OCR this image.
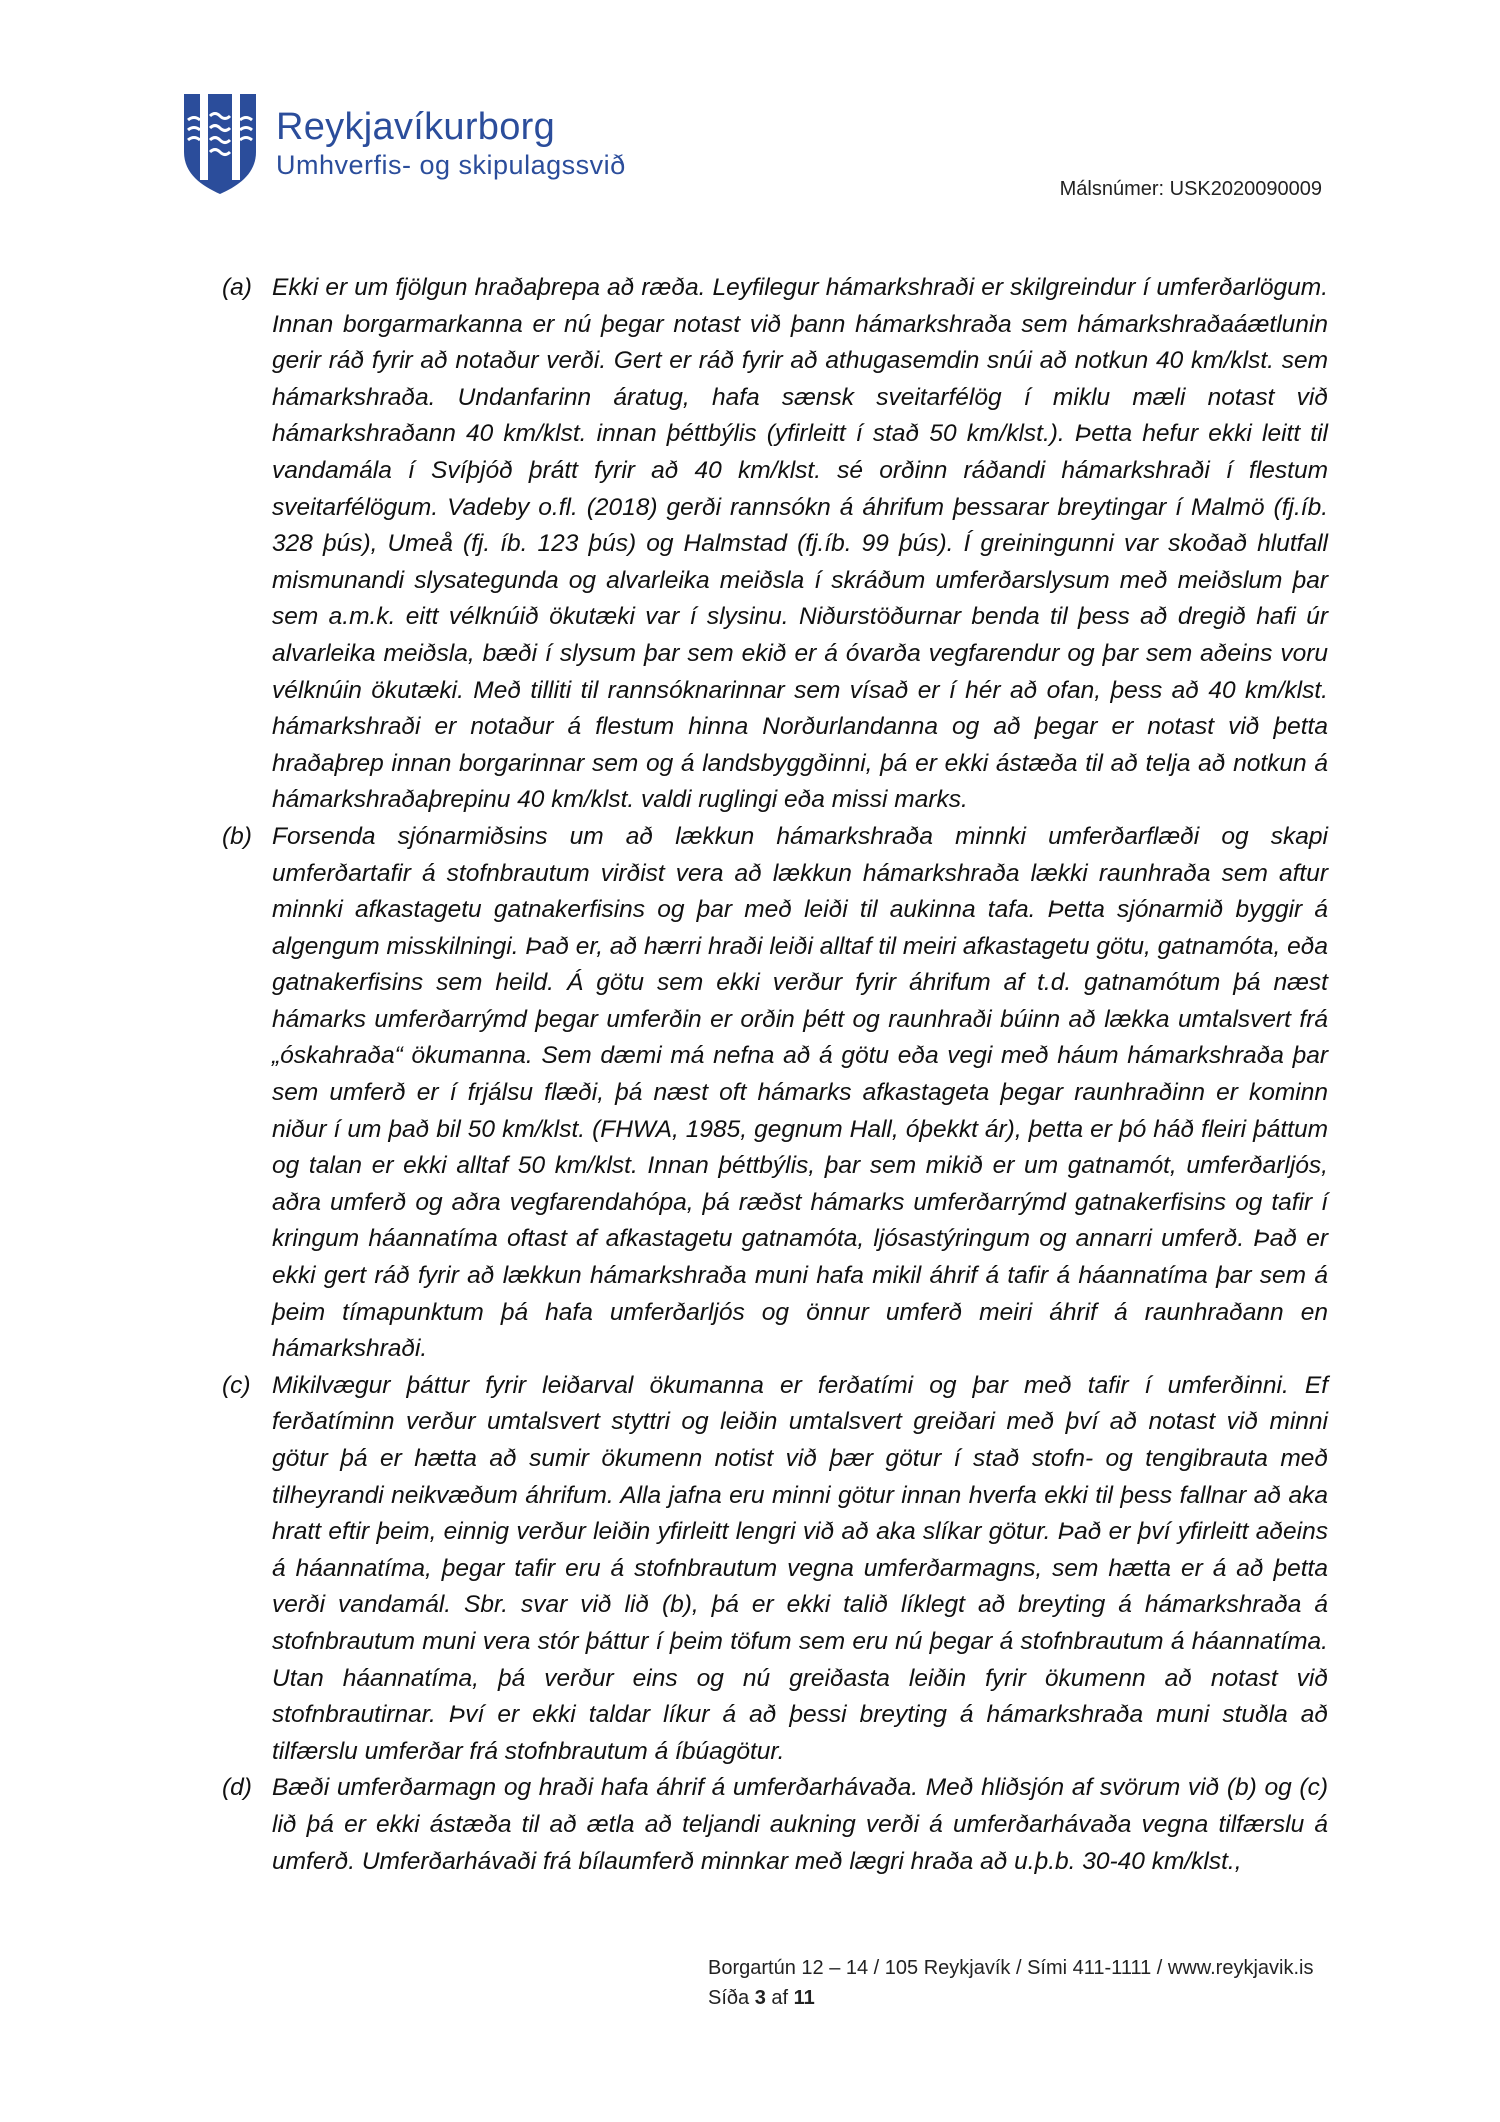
Reykjavíkurborg
Umhverfis- og skipulagssvið
Málsnúmer: USK2020090009
(a) Ekki er um fjölgun hraðaþrepa að ræða. Leyfilegur hámarkshraði er skilgreindur í umferðarlögum. Innan borgarmarkanna er nú þegar notast við þann hámarkshraða sem hámarkshraðaáætlunin gerir ráð fyrir að notaður verði. Gert er ráð fyrir að athugasemdin snúi að notkun 40 km/klst. sem hámarkshraða. Undanfarinn áratug, hafa sænsk sveitarfélög í miklu mæli notast við hámarkshraðann 40 km/klst. innan þéttbýlis (yfirleitt í stað 50 km/klst.). Þetta hefur ekki leitt til vandamála í Svíþjóð þrátt fyrir að 40 km/klst. sé orðinn ráðandi hámarkshraði í flestum sveitarfélögum. Vadeby o.fl. (2018) gerði rannsókn á áhrifum þessarar breytingar í Malmö (fj.íb. 328 þús), Umeå (fj. íb. 123 þús) og Halmstad (fj.íb. 99 þús). Í greiningunni var skoðað hlutfall mismunandi slysategunda og alvarleika meiðsla í skráðum umferðarslysum með meiðslum þar sem a.m.k. eitt vélknúið ökutæki var í slysinu. Niðurstöðurnar benda til þess að dregið hafi úr alvarleika meiðsla, bæði í slysum þar sem ekið er á óvarða vegfarendur og þar sem aðeins voru vélknúin ökutæki. Með tilliti til rannsóknarinnar sem vísað er í hér að ofan, þess að 40 km/klst. hámarkshraði er notaður á flestum hinna Norðurlandanna og að þegar er notast við þetta hraðaþrep innan borgarinnar sem og á landsbyggðinni, þá er ekki ástæða til að telja að notkun á hámarkshraðaþrepinu 40 km/klst. valdi ruglingi eða missi marks.
(b) Forsenda sjónarmiðsins um að lækkun hámarkshraða minnki umferðarflæði og skapi umferðartafir á stofnbrautum virðist vera að lækkun hámarkshraða lækki raunhraða sem aftur minnki afkastagetu gatnakerfisins og þar með leiði til aukinna tafa. Þetta sjónarmið byggir á algengum misskilningi. Það er, að hærri hraði leiði alltaf til meiri afkastagetu götu, gatnamóta, eða gatnakerfisins sem heild. Á götu sem ekki verður fyrir áhrifum af t.d. gatnamótum þá næst hámarks umferðarrýmd þegar umferðin er orðin þétt og raunhraði búinn að lækka umtalsvert frá „óskahraða“ ökumanna. Sem dæmi má nefna að á götu eða vegi með háum hámarkshraða þar sem umferð er í frjálsu flæði, þá næst oft hámarks afkastageta þegar raunhraðinn er kominn niður í um það bil 50 km/klst. (FHWA, 1985, gegnum Hall, óþekkt ár), þetta er þó háð fleiri þáttum og talan er ekki alltaf 50 km/klst. Innan þéttbýlis, þar sem mikið er um gatnamót, umferðarljós, aðra umferð og aðra vegfarendahópa, þá ræðst hámarks umferðarrýmd gatnakerfisins og tafir í kringum háannatíma oftast af afkastagetu gatnamóta, ljósastýringum og annarri umferð. Það er ekki gert ráð fyrir að lækkun hámarkshraða muni hafa mikil áhrif á tafir á háannatíma þar sem á þeim tímapunktum þá hafa umferðarljós og önnur umferð meiri áhrif á raunhraðann en hámarkshraði.
(c) Mikilvægur þáttur fyrir leiðarval ökumanna er ferðatími og þar með tafir í umferðinni. Ef ferðatíminn verður umtalsvert styttri og leiðin umtalsvert greiðari með því að notast við minni götur þá er hætta að sumir ökumenn notist við þær götur í stað stofn- og tengibrauta með tilheyrandi neikvæðum áhrifum. Alla jafna eru minni götur innan hverfa ekki til þess fallnar að aka hratt eftir þeim, einnig verður leiðin yfirleitt lengri við að aka slíkar götur. Það er því yfirleitt aðeins á háannatíma, þegar tafir eru á stofnbrautum vegna umferðarmagns, sem hætta er á að þetta verði vandamál. Sbr. svar við lið (b), þá er ekki talið líklegt að breyting á hámarkshraða á stofnbrautum muni vera stór þáttur í þeim töfum sem eru nú þegar á stofnbrautum á háannatíma. Utan háannatíma, þá verður eins og nú greiðasta leiðin fyrir ökumenn að notast við stofnbrautirnar. Því er ekki taldar líkur á að þessi breyting á hámarkshraða muni stuðla að tilfærslu umferðar frá stofnbrautum á íbúagötur.
(d) Bæði umferðarmagn og hraði hafa áhrif á umferðarhávaða. Með hliðsjón af svörum við (b) og (c) lið þá er ekki ástæða til að ætla að teljandi aukning verði á umferðarhávaða vegna tilfærslu á umferð. Umferðarhávaði frá bílaumferð minnkar með lægri hraða að u.þ.b. 30-40 km/klst.,
Borgartún 12 – 14 / 105 Reykjavík / Sími 411-1111 / www.reykjavik.is
Síða 3 af 11
